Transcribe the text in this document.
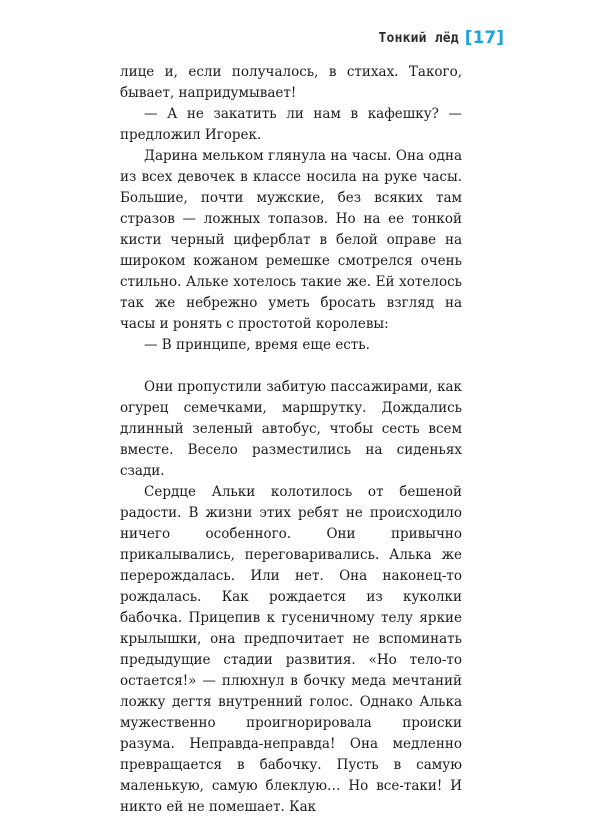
Тонкий лёд [17]

лице и, если получалось, в стихах. Такого, бывает, напридумывает!

— А не закатить ли нам в кафешку? — предложил Игорек.

Дарина мельком глянула на часы. Она одна из всех девочек в классе носила на руке часы. Большие, почти мужские, без всяких там стразов — ложных топазов. Но на ее тонкой кисти черный циферблат в белой оправе на широком кожаном ремешке смотрелся очень стильно. Альке хотелось такие же. Ей хотелось так же небрежно уметь бросать взгляд на часы и ронять с простотой королевы:

— В принципе, время еще есть.

Они пропустили забитую пассажирами, как огурец семечками, маршрутку. Дождались длинный зеленый автобус, чтобы сесть всем вместе. Весело разместились на сиденьях сзади.

Сердце Альки колотилось от бешеной радости. В жизни этих ребят не происходило ничего особенного. Они привычно прикалывались, переговаривались. Алька же перерождалась. Или нет. Она наконец-то рождалась. Как рождается из куколки бабочка. Прицепив к гусеничному телу яркие крылышки, она предпочитает не вспоминать предыдущие стадии развития. «Но тело-то остается!» — плюхнул в бочку меда мечтаний ложку дегтя внутренний голос. Однако Алька мужественно проигнорировала происки разума. Неправда-неправда! Она медленно превращается в бабочку. Пусть в самую маленькую, самую блеклую… Но все-таки! И никто ей не помешает. Как
